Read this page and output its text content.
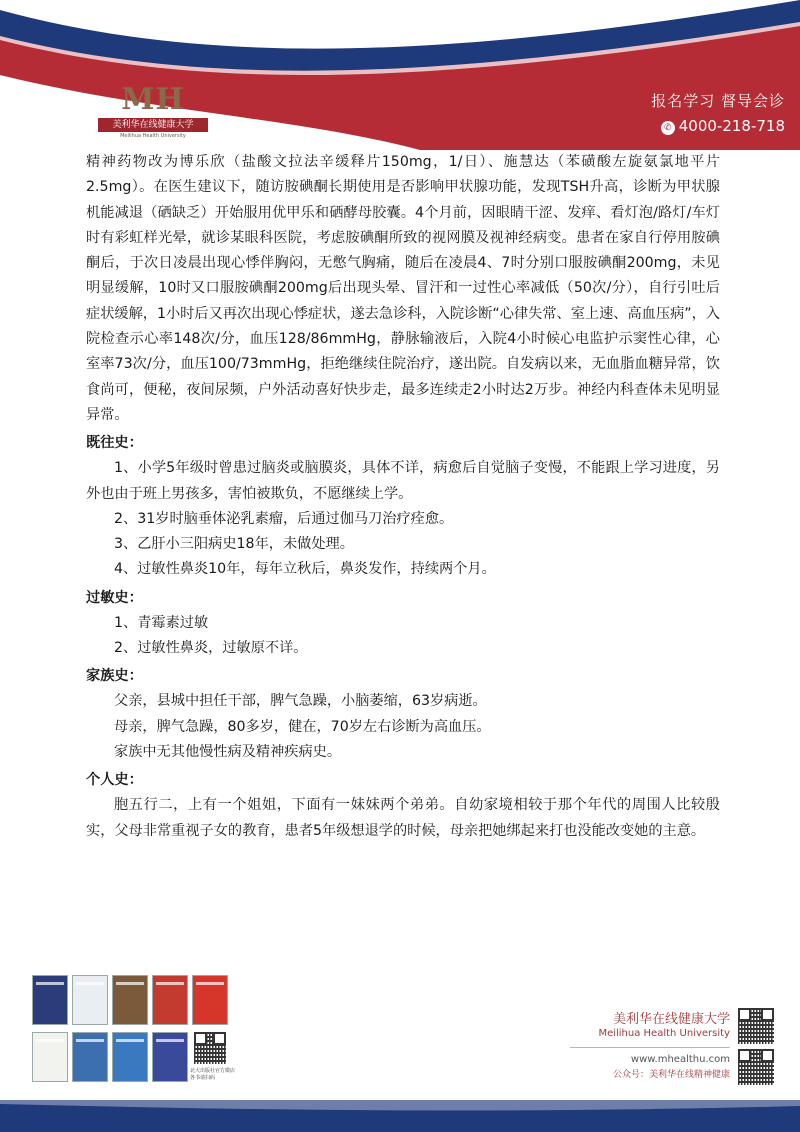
MH
美利华在线健康大学
Meilihua Health University
报名学习 督导会诊
✆ 4000-218-718

精神药物改为博乐欣（盐酸文拉法辛缓释片150mg，1/日）、施慧达（苯磺酸左旋氨氯地平片2.5mg）。在医生建议下，随访胺碘酮长期使用是否影响甲状腺功能，发现TSH升高，诊断为甲状腺机能减退（硒缺乏）开始服用优甲乐和硒酵母胶囊。4个月前，因眼睛干涩、发痒、看灯泡/路灯/车灯时有彩虹样光晕，就诊某眼科医院，考虑胺碘酮所致的视网膜及视神经病变。患者在家自行停用胺碘酮后，于次日凌晨出现心悸伴胸闷，无憋气胸痛，随后在凌晨4、7时分别口服胺碘酮200mg，未见明显缓解，10时又口服胺碘酮200mg后出现头晕、冒汗和一过性心率减低（50次/分），自行引吐后症状缓解，1小时后又再次出现心悸症状，遂去急诊科，入院诊断“心律失常、室上速、高血压病”，入院检查示心率148次/分，血压128/86mmHg，静脉输液后，入院4小时候心电监护示窦性心律，心室率73次/分，血压100/73mmHg，拒绝继续住院治疗，遂出院。自发病以来，无血脂血糖异常，饮食尚可，便秘，夜间尿频，户外活动喜好快步走，最多连续走2小时达2万步。神经内科查体未见明显异常。

既往史：

1、小学5年级时曾患过脑炎或脑膜炎，具体不详，病愈后自觉脑子变慢，不能跟上学习进度，另外也由于班上男孩多，害怕被欺负，不愿继续上学。

2、31岁时脑垂体泌乳素瘤，后通过伽马刀治疗痊愈。

3、乙肝小三阳病史18年，未做处理。

4、过敏性鼻炎10年，每年立秋后，鼻炎发作，持续两个月。

过敏史：

1、青霉素过敏

2、过敏性鼻炎，过敏原不详。

家族史：

父亲，县城中担任干部，脾气急躁，小脑萎缩，63岁病逝。

母亲，脾气急躁，80多岁，健在，70岁左右诊断为高血压。

家族中无其他慢性病及精神疾病史。

个人史：

胞五行二，上有一个姐姐，下面有一妹妹两个弟弟。自幼家境相较于那个年代的周围人比较殷实，父母非常重视子女的教育，患者5年级想退学的时候，母亲把她绑起来打也没能改变她的主意。

北大出版社官方微店
各书请扫码
美利华在线健康大学
Meilihua Health University
www.mhealthu.com
公众号：美利华在线精神健康
